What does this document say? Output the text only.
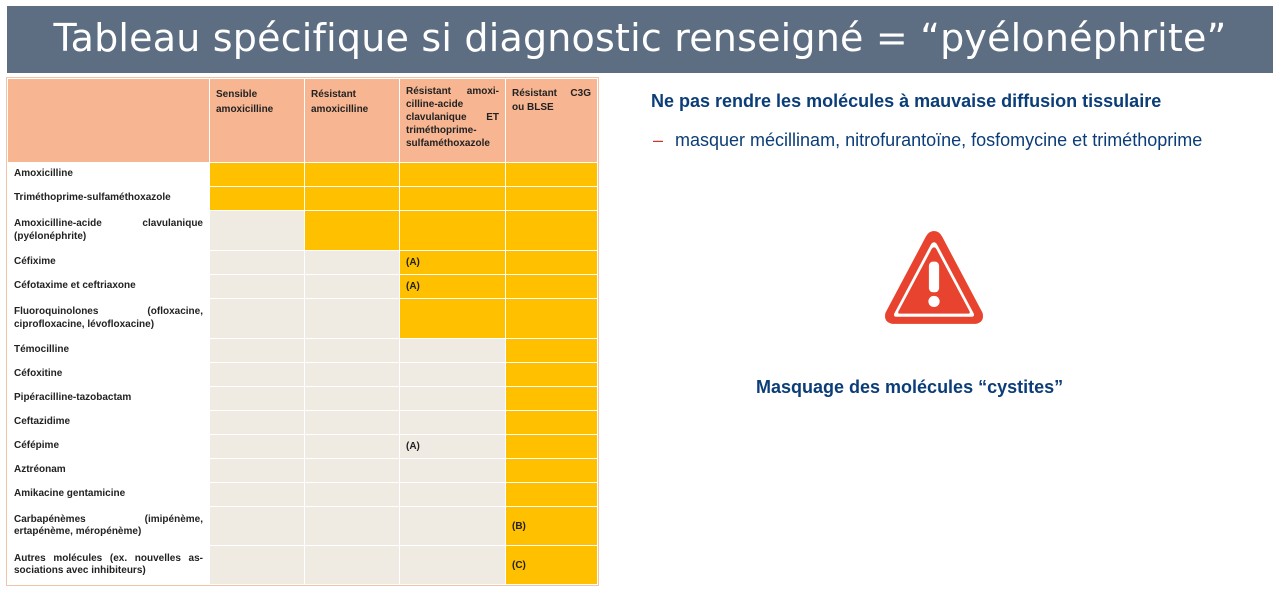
Tableau spécifique si diagnostic renseigné = “pyélonéphrite”
	Sensible amoxicilline	Résistant amoxicilline	Résistant amoxi-cilline-acide clavulanique ET triméthoprime-sulfaméthoxazole	Résistant C3G ou BLSE
Amoxicilline				
Triméthoprime-sulfaméthoxazole				
Amoxicilline-acide clavulanique (pyélonéphrite)				
Céfixime			(A)	
Céfotaxime et ceftriaxone			(A)	
Fluoroquinolones (ofloxacine, ciprofloxacine, lévofloxacine)				
Témocilline				
Céfoxitine				
Pipéracilline-tazobactam				
Ceftazidime				
Céfépime			(A)	
Aztréonam				
Amikacine gentamicine				
Carbapénèmes (imipénème, ertapénème, méropénème)				(B)
Autres molécules (ex. nouvelles as-sociations avec inhibiteurs)				(C)
Ne pas rendre les molécules à mauvaise diffusion tissulaire
– masquer mécillinam, nitrofurantoïne, fosfomycine et triméthoprime
Masquage des molécules “cystites”
